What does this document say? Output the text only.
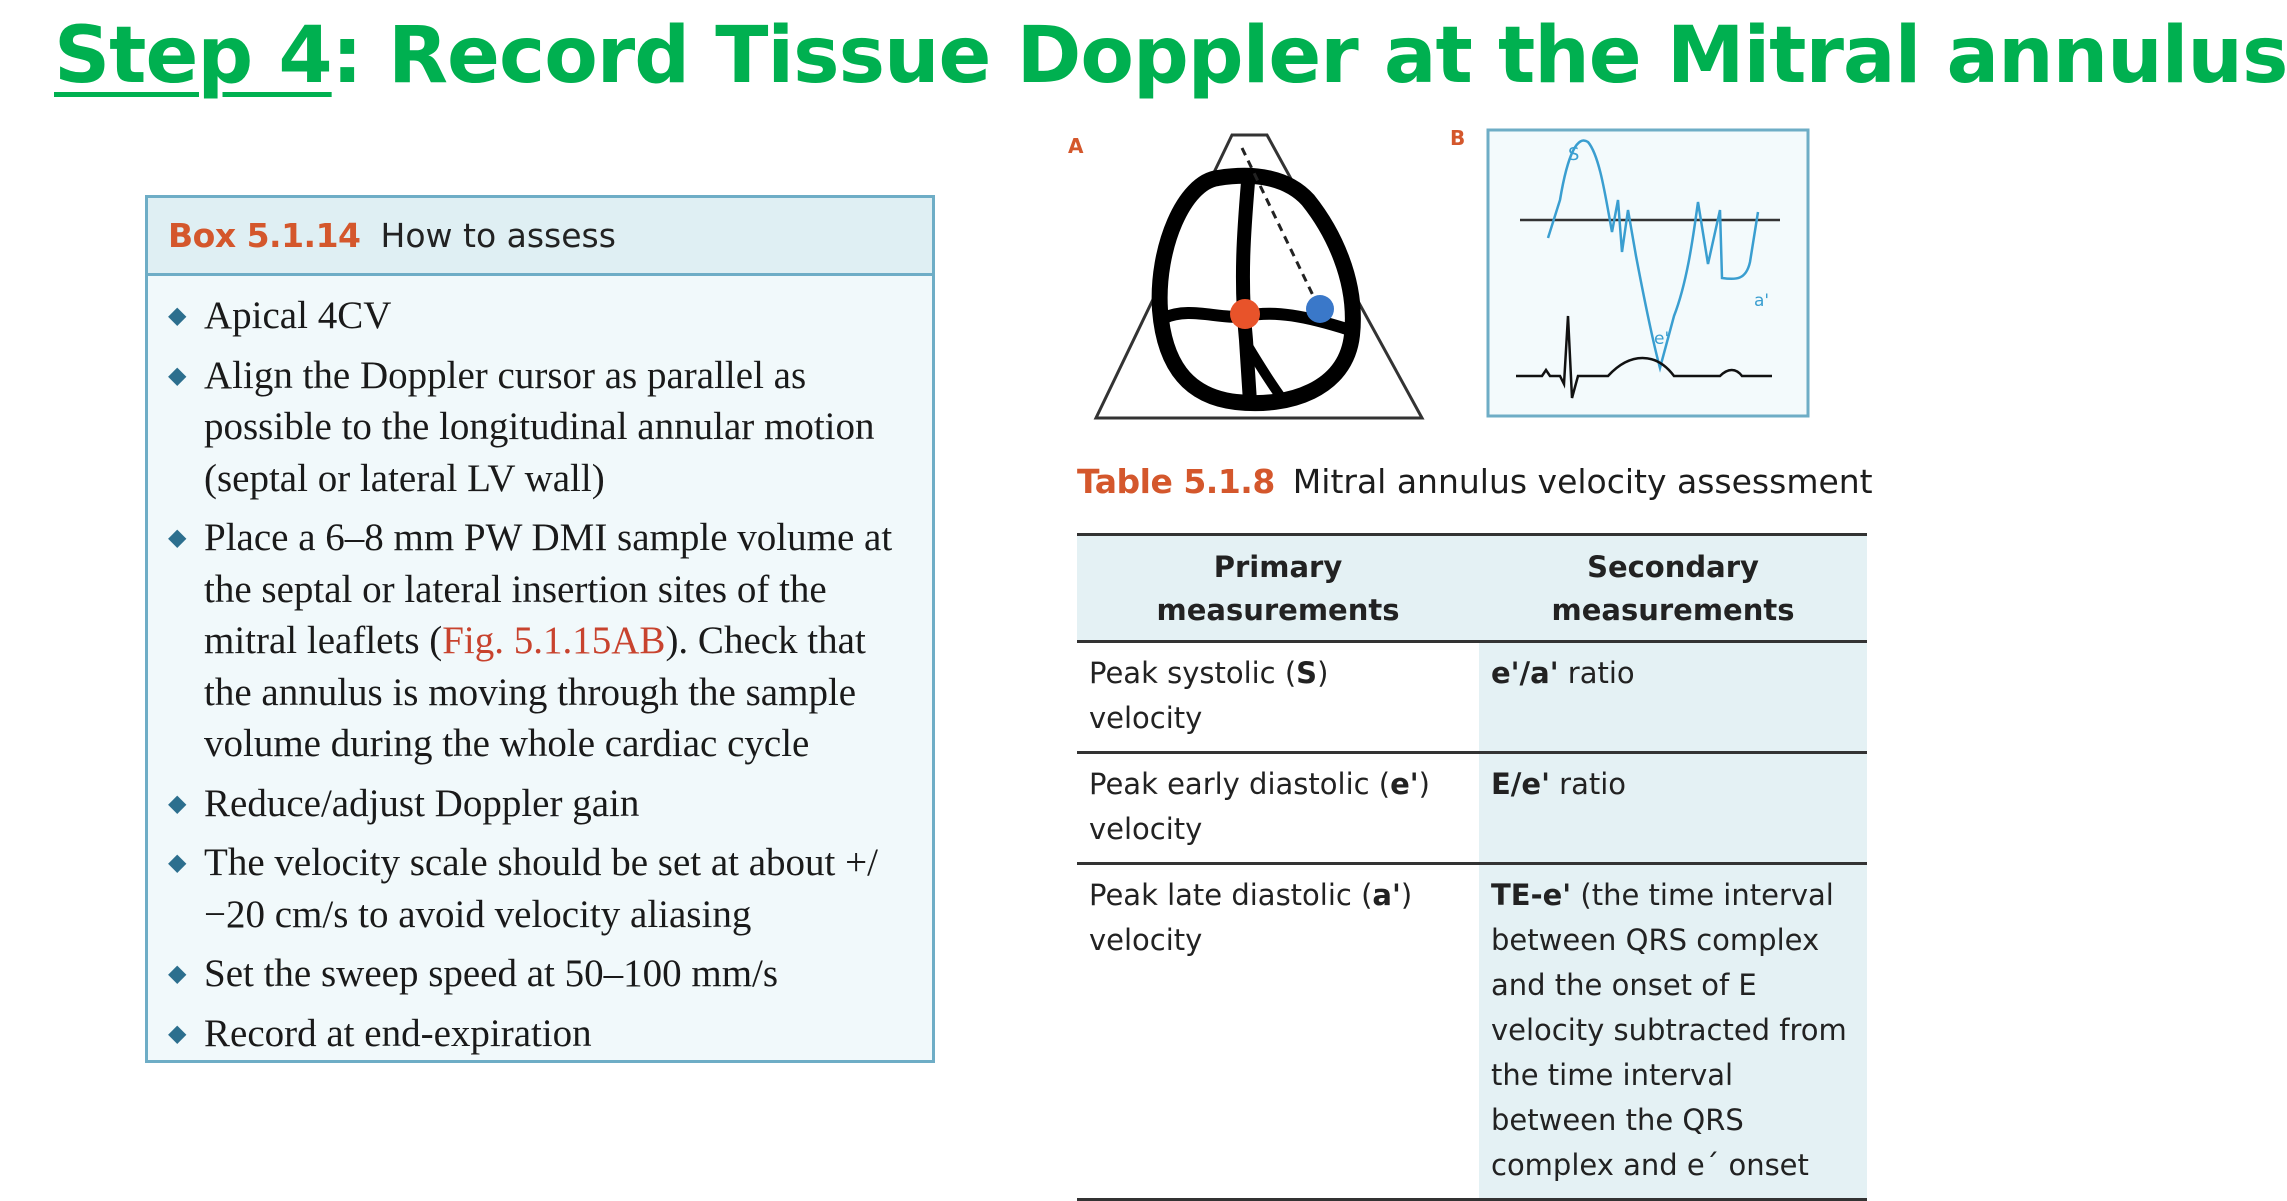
Step 4: Record Tissue Doppler at the Mitral annulus
Box 5.1.14 How to assess
◆ Apical 4CV
◆ Align the Doppler cursor as parallel as possible to the longitudinal annular motion (septal or lateral LV wall)
◆ Place a 6–8 mm PW DMI sample volume at the septal or lateral insertion sites of the mitral leaflets (Fig. 5.1.15AB). Check that the annulus is moving through the sample volume during the whole cardiac cycle
◆ Reduce/adjust Doppler gain
◆ The velocity scale should be set at about +/−20 cm/s to avoid velocity aliasing
◆ Set the sweep speed at 50–100 mm/s
◆ Record at end-expiration
A	B
S
e'
a'
Table 5.1.8 Mitral annulus velocity assessment
Primary
measurements	Secondary
measurements
Peak systolic (S)
velocity	e'/a' ratio
Peak early diastolic (e')
velocity	E/e' ratio
Peak late diastolic (a')
velocity	TE-e' (the time interval between QRS complex and the onset of E velocity subtracted from the time interval between the QRS complex and e´ onset
